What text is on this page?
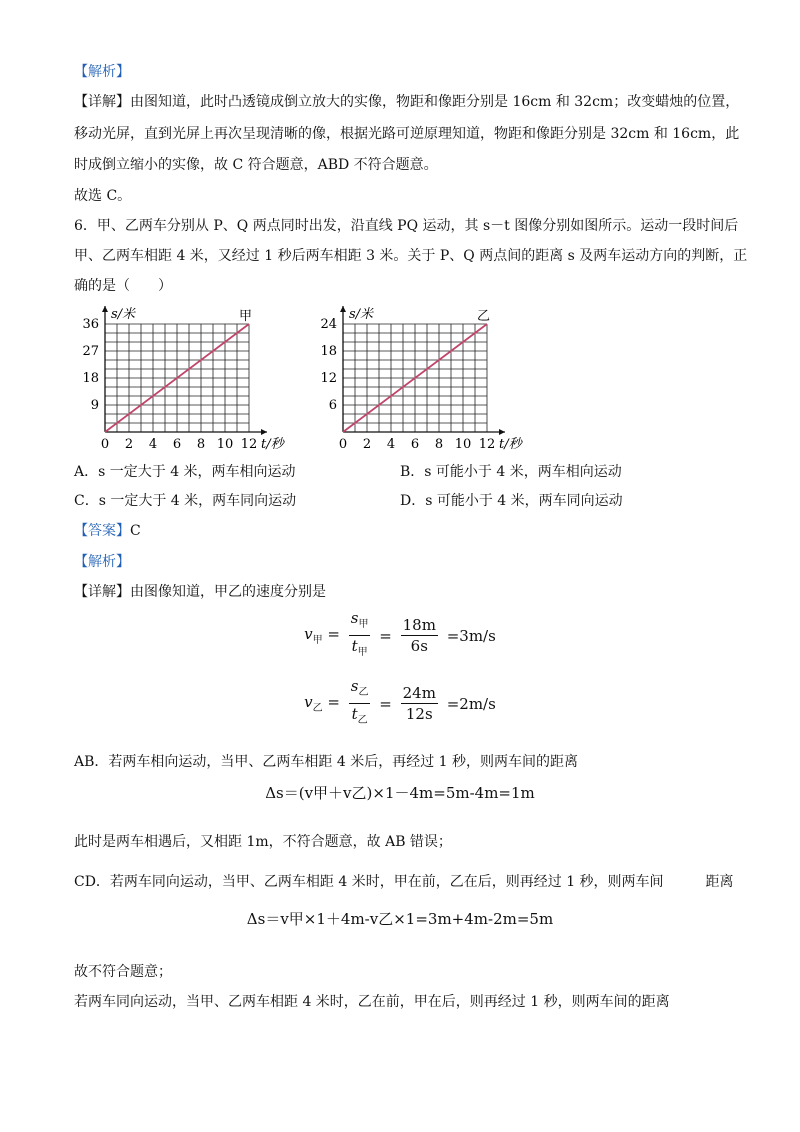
【解析】
【详解】由图知道，此时凸透镜成倒立放大的实像，物距和像距分别是 16cm 和 32cm；改变蜡烛的位置，
移动光屏，直到光屏上再次呈现清晰的像，根据光路可逆原理知道，物距和像距分别是 32cm 和 16cm，此
时成倒立缩小的实像，故 C 符合题意，ABD 不符合题意。
故选 C。
6．甲、乙两车分别从 P、Q 两点同时出发，沿直线 PQ 运动，其 s－t 图像分别如图所示。运动一段时间后
甲、乙两车相距 4 米，又经过 1 秒后两车相距 3 米。关于 P、Q 两点间的距离 s 及两车运动方向的判断，正
确的是（　　）
0 2 4 6 8 10 12
9
18
27
36
s/米
t/秒
甲
0 2 4 6 8 10 12
6
12
18
24
s/米
t/秒
乙
A．s 一定大于 4 米，两车相向运动	B．s 可能小于 4 米，两车相向运动
C．s 一定大于 4 米，两车同向运动	D．s 可能小于 4 米，两车同向运动
【答案】C
【解析】
【详解】由图像知道，甲乙的速度分别是
$v_甲 = \frac{s_甲}{t_甲} = \frac{18m}{6s} =3m/s$
$v_乙 = \frac{s_乙}{t_乙} = \frac{24m}{12s} =2m/s$
AB．若两车相向运动，当甲、乙两车相距 4 米后，再经过 1 秒，则两车间的距离
Δs＝(v甲＋v乙)×1－4m=5m-4m=1m
此时是两车相遇后，又相距 1m，不符合题意，故 AB 错误；
CD．若两车同向运动，当甲、乙两车相距 4 米时，甲在前，乙在后，则再经过 1 秒，则两车间　　　距离
Δs＝v甲×1＋4m-v乙×1=3m+4m-2m=5m
故不符合题意；
若两车同向运动，当甲、乙两车相距 4 米时，乙在前，甲在后，则再经过 1 秒，则两车间的距离
